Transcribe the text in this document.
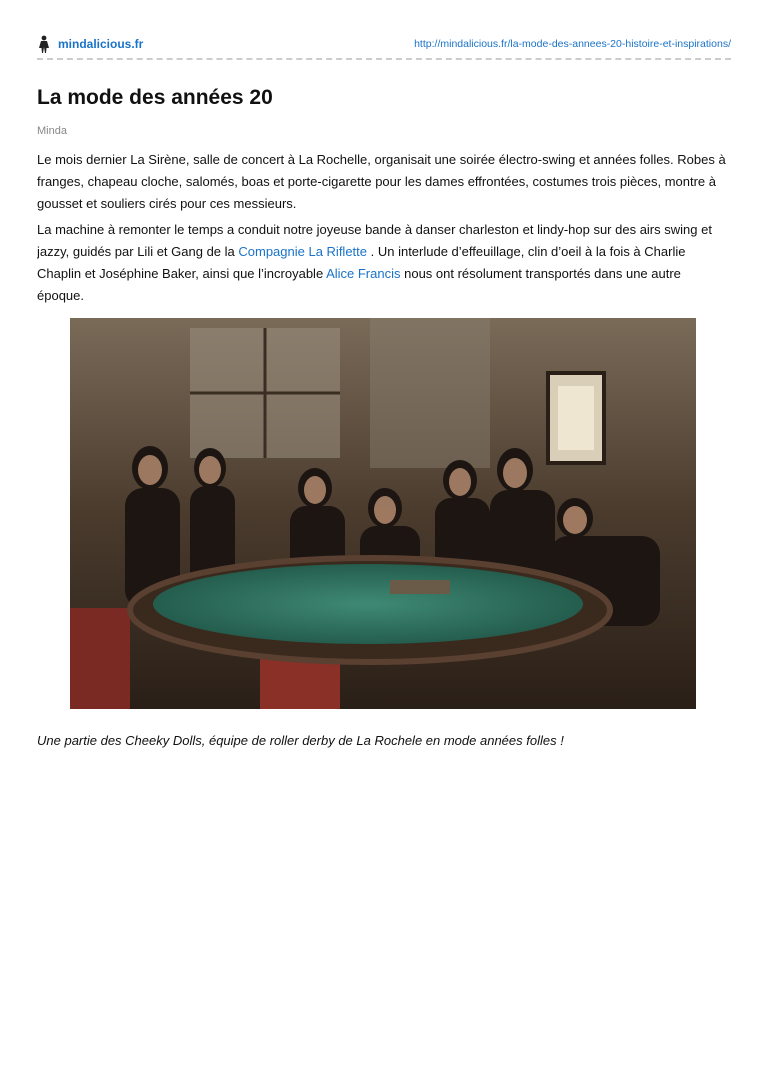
mindalicious.fr	http://mindalicious.fr/la-mode-des-annees-20-histoire-et-inspirations/
La mode des années 20
Minda

Le mois dernier La Sirène, salle de concert à La Rochelle, organisait une soirée électro-swing et années folles. Robes à franges, chapeau cloche, salomés, boas et porte-cigarette pour les dames effrontées, costumes trois pièces, montre à gousset et souliers cirés pour ces messieurs.

La machine à remonter le temps a conduit notre joyeuse bande à danser charleston et lindy-hop sur des airs swing et jazzy, guidés par Lili et Gang de la Compagnie La Riflette . Un interlude d’effeuillage, clin d’oeil à la fois à Charlie Chaplin et Joséphine Baker, ainsi que l’incroyable Alice Francis nous ont résolument transportés dans une autre époque.

Une partie des Cheeky Dolls, équipe de roller derby de La Rochele en mode années folles !
